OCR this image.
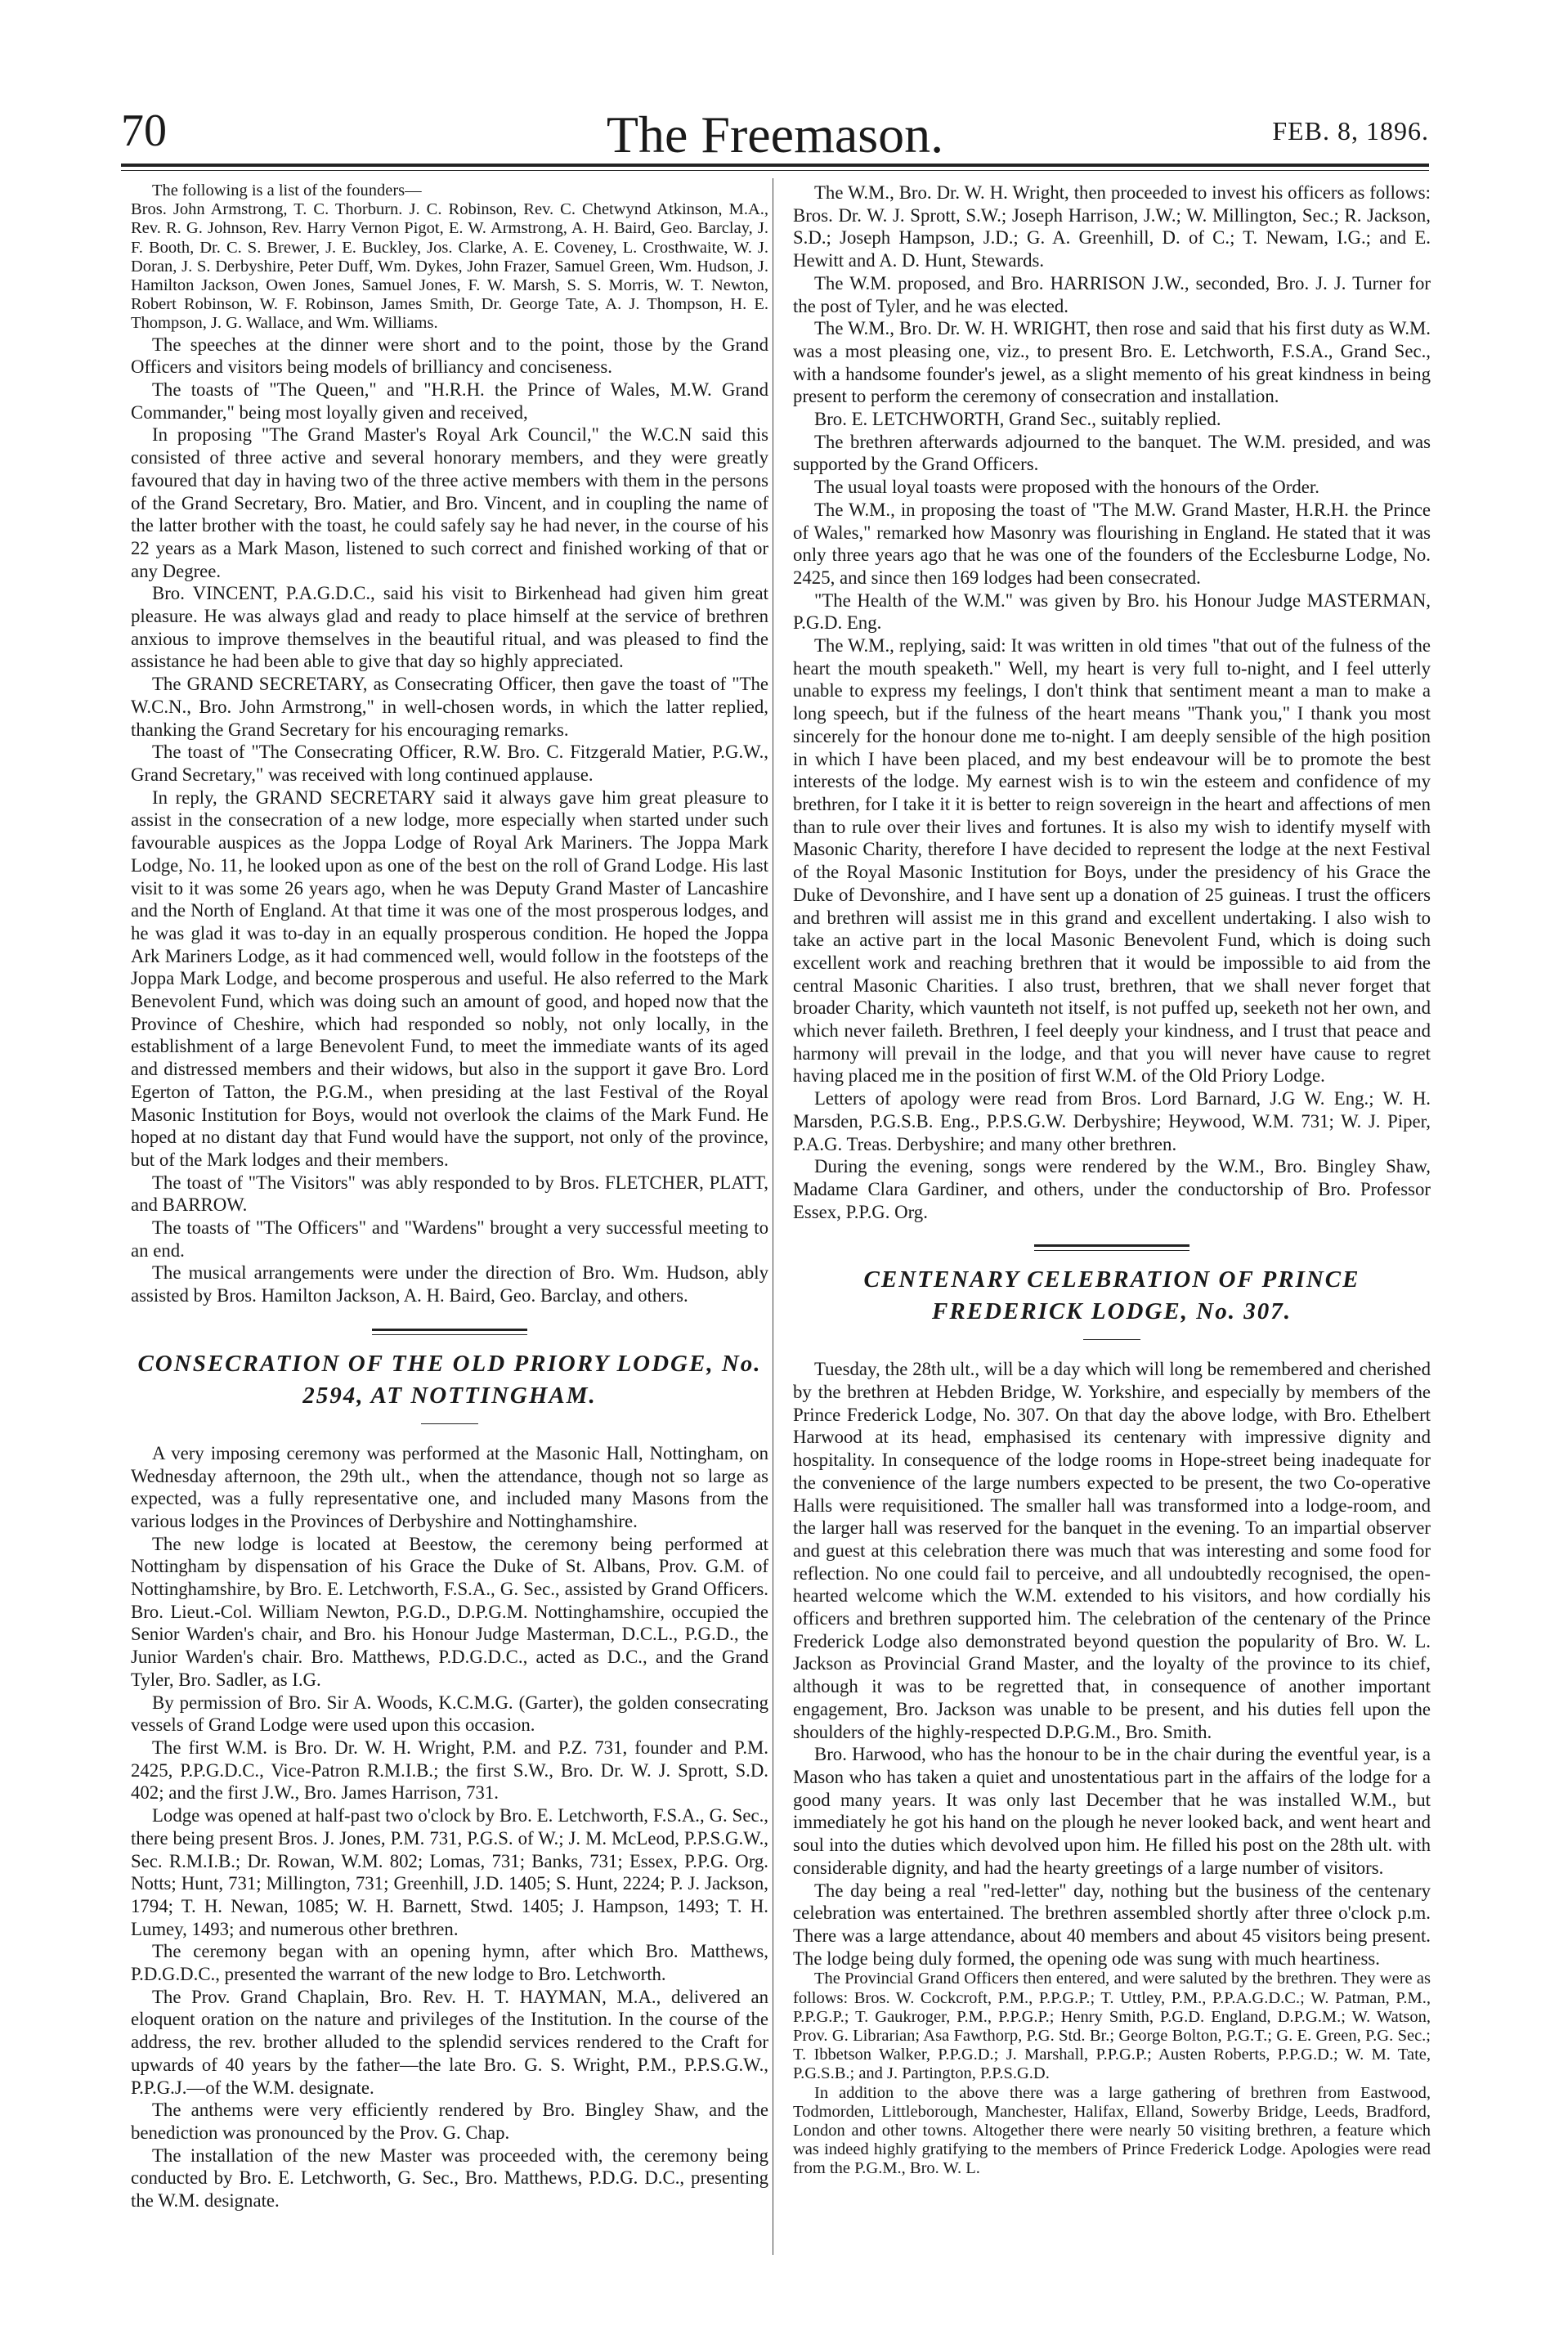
70	The Freemason.	FEB. 8, 1896.

The following is a list of the founders—

Bros. John Armstrong, T. C. Thorburn. J. C. Robinson, Rev. C. Chetwynd Atkinson, M.A., Rev. R. G. Johnson, Rev. Harry Vernon Pigot, E. W. Armstrong, A. H. Baird, Geo. Barclay, J. F. Booth, Dr. C. S. Brewer, J. E. Buckley, Jos. Clarke, A. E. Coveney, L. Crosthwaite, W. J. Doran, J. S. Derbyshire, Peter Duff, Wm. Dykes, John Frazer, Samuel Green, Wm. Hudson, J. Hamilton Jackson, Owen Jones, Samuel Jones, F. W. Marsh, S. S. Morris, W. T. Newton, Robert Robinson, W. F. Robinson, James Smith, Dr. George Tate, A. J. Thompson, H. E. Thompson, J. G. Wallace, and Wm. Williams.

The speeches at the dinner were short and to the point, those by the Grand Officers and visitors being models of brilliancy and conciseness.

The toasts of "The Queen," and "H.R.H. the Prince of Wales, M.W. Grand Commander," being most loyally given and received,

In proposing "The Grand Master's Royal Ark Council," the W.C.N said this consisted of three active and several honorary members, and they were greatly favoured that day in having two of the three active members with them in the persons of the Grand Secretary, Bro. Matier, and Bro. Vincent, and in coupling the name of the latter brother with the toast, he could safely say he had never, in the course of his 22 years as a Mark Mason, listened to such correct and finished working of that or any Degree.

Bro. VINCENT, P.A.G.D.C., said his visit to Birkenhead had given him great pleasure. He was always glad and ready to place himself at the service of brethren anxious to improve themselves in the beautiful ritual, and was pleased to find the assistance he had been able to give that day so highly appreciated.

The GRAND SECRETARY, as Consecrating Officer, then gave the toast of "The W.C.N., Bro. John Armstrong," in well-chosen words, in which the latter replied, thanking the Grand Secretary for his encouraging remarks.

The toast of "The Consecrating Officer, R.W. Bro. C. Fitzgerald Matier, P.G.W., Grand Secretary," was received with long continued applause.

In reply, the GRAND SECRETARY said it always gave him great pleasure to assist in the consecration of a new lodge, more especially when started under such favourable auspices as the Joppa Lodge of Royal Ark Mariners. The Joppa Mark Lodge, No. 11, he looked upon as one of the best on the roll of Grand Lodge. His last visit to it was some 26 years ago, when he was Deputy Grand Master of Lancashire and the North of England. At that time it was one of the most prosperous lodges, and he was glad it was to-day in an equally prosperous condition. He hoped the Joppa Ark Mariners Lodge, as it had commenced well, would follow in the footsteps of the Joppa Mark Lodge, and become prosperous and useful. He also referred to the Mark Benevolent Fund, which was doing such an amount of good, and hoped now that the Province of Cheshire, which had responded so nobly, not only locally, in the establishment of a large Benevolent Fund, to meet the immediate wants of its aged and distressed members and their widows, but also in the support it gave Bro. Lord Egerton of Tatton, the P.G.M., when presiding at the last Festival of the Royal Masonic Institution for Boys, would not overlook the claims of the Mark Fund. He hoped at no distant day that Fund would have the support, not only of the province, but of the Mark lodges and their members.

The toast of "The Visitors" was ably responded to by Bros. FLETCHER, PLATT, and BARROW.

The toasts of "The Officers" and "Wardens" brought a very successful meeting to an end.

The musical arrangements were under the direction of Bro. Wm. Hudson, ably assisted by Bros. Hamilton Jackson, A. H. Baird, Geo. Barclay, and others.

CONSECRATION OF THE OLD PRIORY LODGE, No. 2594, AT NOTTINGHAM.

A very imposing ceremony was performed at the Masonic Hall, Nottingham, on Wednesday afternoon, the 29th ult., when the attendance, though not so large as expected, was a fully representative one, and included many Masons from the various lodges in the Provinces of Derbyshire and Nottinghamshire.

The new lodge is located at Beestow, the ceremony being performed at Nottingham by dispensation of his Grace the Duke of St. Albans, Prov. G.M. of Nottinghamshire, by Bro. E. Letchworth, F.S.A., G. Sec., assisted by Grand Officers. Bro. Lieut.-Col. William Newton, P.G.D., D.P.G.M. Nottinghamshire, occupied the Senior Warden's chair, and Bro. his Honour Judge Masterman, D.C.L., P.G.D., the Junior Warden's chair. Bro. Matthews, P.D.G.D.C., acted as D.C., and the Grand Tyler, Bro. Sadler, as I.G.

By permission of Bro. Sir A. Woods, K.C.M.G. (Garter), the golden consecrating vessels of Grand Lodge were used upon this occasion.

The first W.M. is Bro. Dr. W. H. Wright, P.M. and P.Z. 731, founder and P.M. 2425, P.P.G.D.C., Vice-Patron R.M.I.B.; the first S.W., Bro. Dr. W. J. Sprott, S.D. 402; and the first J.W., Bro. James Harrison, 731.

Lodge was opened at half-past two o'clock by Bro. E. Letchworth, F.S.A., G. Sec., there being present Bros. J. Jones, P.M. 731, P.G.S. of W.; J. M. McLeod, P.P.S.G.W., Sec. R.M.I.B.; Dr. Rowan, W.M. 802; Lomas, 731; Banks, 731; Essex, P.P.G. Org. Notts; Hunt, 731; Millington, 731; Greenhill, J.D. 1405; S. Hunt, 2224; P. J. Jackson, 1794; T. H. Newan, 1085; W. H. Barnett, Stwd. 1405; J. Hampson, 1493; T. H. Lumey, 1493; and numerous other brethren.

The ceremony began with an opening hymn, after which Bro. Matthews, P.D.G.D.C., presented the warrant of the new lodge to Bro. Letchworth.

The Prov. Grand Chaplain, Bro. Rev. H. T. HAYMAN, M.A., delivered an eloquent oration on the nature and privileges of the Institution. In the course of the address, the rev. brother alluded to the splendid services rendered to the Craft for upwards of 40 years by the father—the late Bro. G. S. Wright, P.M., P.P.S.G.W., P.P.G.J.—of the W.M. designate.

The anthems were very efficiently rendered by Bro. Bingley Shaw, and the benediction was pronounced by the Prov. G. Chap.

The installation of the new Master was proceeded with, the ceremony being conducted by Bro. E. Letchworth, G. Sec., Bro. Matthews, P.D.G. D.C., presenting the W.M. designate.

The W.M., Bro. Dr. W. H. Wright, then proceeded to invest his officers as follows: Bros. Dr. W. J. Sprott, S.W.; Joseph Harrison, J.W.; W. Millington, Sec.; R. Jackson, S.D.; Joseph Hampson, J.D.; G. A. Greenhill, D. of C.; T. Newam, I.G.; and E. Hewitt and A. D. Hunt, Stewards.

The W.M. proposed, and Bro. HARRISON J.W., seconded, Bro. J. J. Turner for the post of Tyler, and he was elected.

The W.M., Bro. Dr. W. H. WRIGHT, then rose and said that his first duty as W.M. was a most pleasing one, viz., to present Bro. E. Letchworth, F.S.A., Grand Sec., with a handsome founder's jewel, as a slight memento of his great kindness in being present to perform the ceremony of consecration and installation.

Bro. E. LETCHWORTH, Grand Sec., suitably replied.

The brethren afterwards adjourned to the banquet. The W.M. presided, and was supported by the Grand Officers.

The usual loyal toasts were proposed with the honours of the Order.

The W.M., in proposing the toast of "The M.W. Grand Master, H.R.H. the Prince of Wales," remarked how Masonry was flourishing in England. He stated that it was only three years ago that he was one of the founders of the Ecclesburne Lodge, No. 2425, and since then 169 lodges had been consecrated.

"The Health of the W.M." was given by Bro. his Honour Judge MASTERMAN, P.G.D. Eng.

The W.M., replying, said: It was written in old times "that out of the fulness of the heart the mouth speaketh." Well, my heart is very full to-night, and I feel utterly unable to express my feelings, I don't think that sentiment meant a man to make a long speech, but if the fulness of the heart means "Thank you," I thank you most sincerely for the honour done me to-night. I am deeply sensible of the high position in which I have been placed, and my best endeavour will be to promote the best interests of the lodge. My earnest wish is to win the esteem and confidence of my brethren, for I take it it is better to reign sovereign in the heart and affections of men than to rule over their lives and fortunes. It is also my wish to identify myself with Masonic Charity, therefore I have decided to represent the lodge at the next Festival of the Royal Masonic Institution for Boys, under the presidency of his Grace the Duke of Devonshire, and I have sent up a donation of 25 guineas. I trust the officers and brethren will assist me in this grand and excellent undertaking. I also wish to take an active part in the local Masonic Benevolent Fund, which is doing such excellent work and reaching brethren that it would be impossible to aid from the central Masonic Charities. I also trust, brethren, that we shall never forget that broader Charity, which vaunteth not itself, is not puffed up, seeketh not her own, and which never faileth. Brethren, I feel deeply your kindness, and I trust that peace and harmony will prevail in the lodge, and that you will never have cause to regret having placed me in the position of first W.M. of the Old Priory Lodge.

Letters of apology were read from Bros. Lord Barnard, J.G W. Eng.; W. H. Marsden, P.G.S.B. Eng., P.P.S.G.W. Derbyshire; Heywood, W.M. 731; W. J. Piper, P.A.G. Treas. Derbyshire; and many other brethren.

During the evening, songs were rendered by the W.M., Bro. Bingley Shaw, Madame Clara Gardiner, and others, under the conductorship of Bro. Professor Essex, P.P.G. Org.

CENTENARY CELEBRATION OF PRINCE FREDERICK LODGE, No. 307.

Tuesday, the 28th ult., will be a day which will long be remembered and cherished by the brethren at Hebden Bridge, W. Yorkshire, and especially by members of the Prince Frederick Lodge, No. 307. On that day the above lodge, with Bro. Ethelbert Harwood at its head, emphasised its centenary with impressive dignity and hospitality. In consequence of the lodge rooms in Hope-street being inadequate for the convenience of the large numbers expected to be present, the two Co-operative Halls were requisitioned. The smaller hall was transformed into a lodge-room, and the larger hall was reserved for the banquet in the evening. To an impartial observer and guest at this celebration there was much that was interesting and some food for reflection. No one could fail to perceive, and all undoubtedly recognised, the open-hearted welcome which the W.M. extended to his visitors, and how cordially his officers and brethren supported him. The celebration of the centenary of the Prince Frederick Lodge also demonstrated beyond question the popularity of Bro. W. L. Jackson as Provincial Grand Master, and the loyalty of the province to its chief, although it was to be regretted that, in consequence of another important engagement, Bro. Jackson was unable to be present, and his duties fell upon the shoulders of the highly-respected D.P.G.M., Bro. Smith.

Bro. Harwood, who has the honour to be in the chair during the eventful year, is a Mason who has taken a quiet and unostentatious part in the affairs of the lodge for a good many years. It was only last December that he was installed W.M., but immediately he got his hand on the plough he never looked back, and went heart and soul into the duties which devolved upon him. He filled his post on the 28th ult. with considerable dignity, and had the hearty greetings of a large number of visitors.

The day being a real "red-letter" day, nothing but the business of the centenary celebration was entertained. The brethren assembled shortly after three o'clock p.m. There was a large attendance, about 40 members and about 45 visitors being present. The lodge being duly formed, the opening ode was sung with much heartiness.

The Provincial Grand Officers then entered, and were saluted by the brethren. They were as follows: Bros. W. Cockcroft, P.M., P.P.G.P.; T. Uttley, P.M., P.P.A.G.D.C.; W. Patman, P.M., P.P.G.P.; T. Gaukroger, P.M., P.P.G.P.; Henry Smith, P.G.D. England, D.P.G.M.; W. Watson, Prov. G. Librarian; Asa Fawthorp, P.G. Std. Br.; George Bolton, P.G.T.; G. E. Green, P.G. Sec.; T. Ibbetson Walker, P.P.G.D.; J. Marshall, P.P.G.P.; Austen Roberts, P.P.G.D.; W. M. Tate, P.G.S.B.; and J. Partington, P.P.S.G.D.

In addition to the above there was a large gathering of brethren from Eastwood, Todmorden, Littleborough, Manchester, Halifax, Elland, Sowerby Bridge, Leeds, Bradford, London and other towns. Altogether there were nearly 50 visiting brethren, a feature which was indeed highly gratifying to the members of Prince Frederick Lodge. Apologies were read from the P.G.M., Bro. W. L.
